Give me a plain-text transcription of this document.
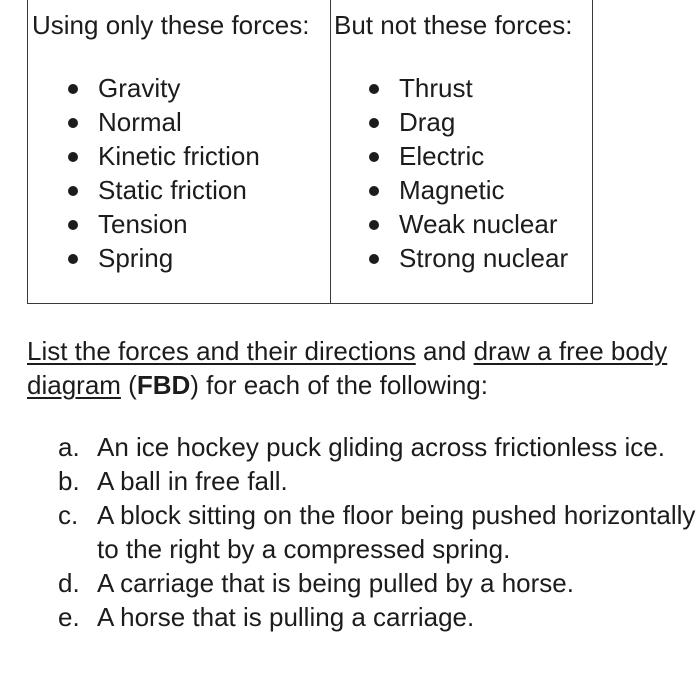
Using only these forces:
Gravity
Normal
Kinetic friction
Static friction
Tension
Spring
But not these forces:
Thrust
Drag
Electric
Magnetic
Weak nuclear
Strong nuclear

List the forces and their directions and draw a free body diagram (FBD) for each of the following:

a. An ice hockey puck gliding across frictionless ice.
b. A ball in free fall.
c. A block sitting on the floor being pushed horizontally to the right by a compressed spring.
d. A carriage that is being pulled by a horse.
e. A horse that is pulling a carriage.
